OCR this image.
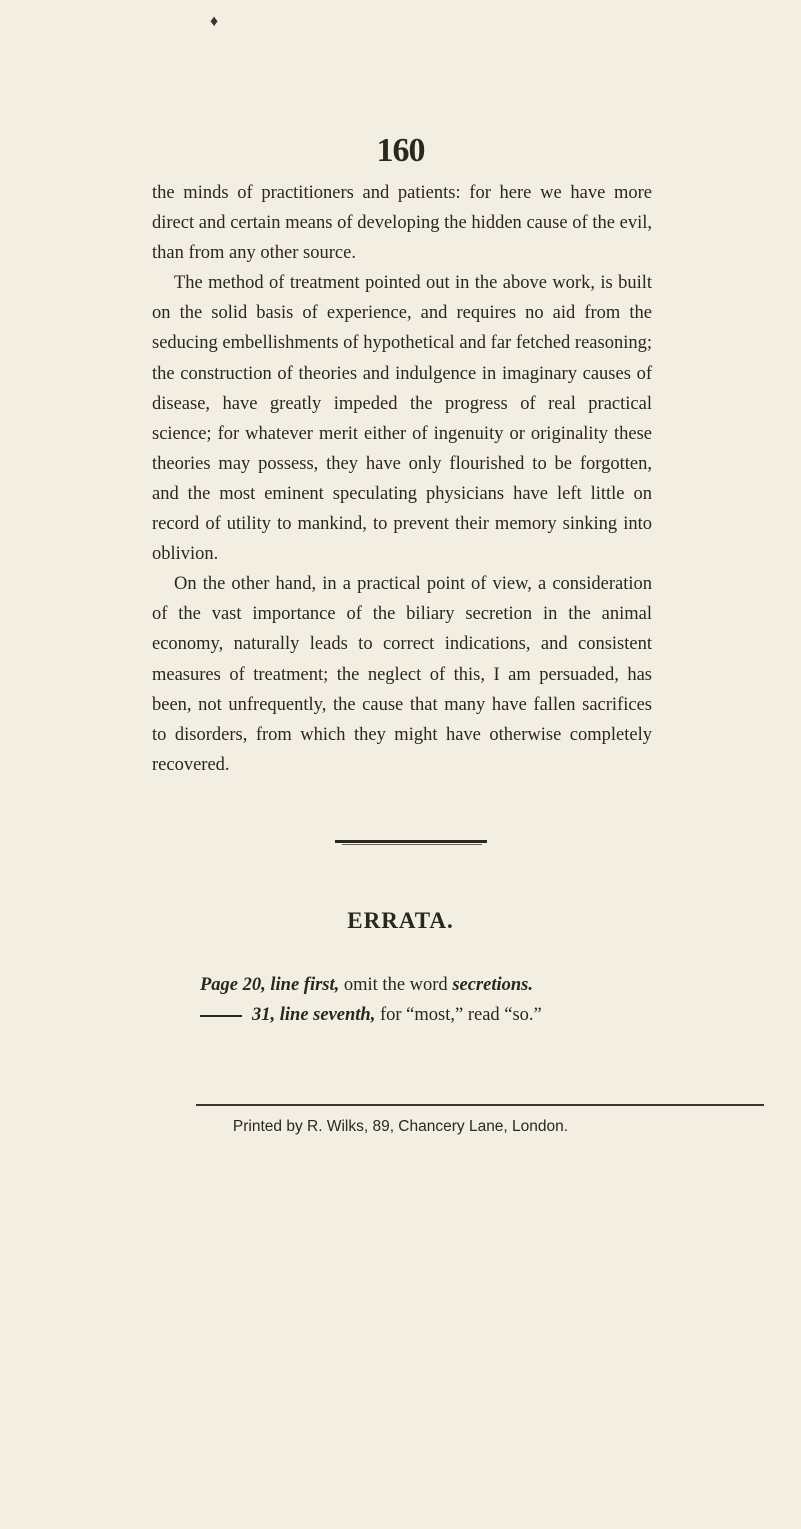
♦
160

the minds of practitioners and patients: for here we have more direct and certain means of developing the hidden cause of the evil, than from any other source.

The method of treatment pointed out in the above work, is built on the solid basis of experience, and requires no aid from the seducing embellishments of hypothetical and far fetched reasoning; the construction of theories and indulgence in imaginary causes of disease, have greatly impeded the progress of real practical science; for whatever merit either of ingenuity or originality these theories may possess, they have only flourished to be forgotten, and the most eminent speculating physicians have left little on record of utility to mankind, to prevent their memory sinking into oblivion.

On the other hand, in a practical point of view, a consideration of the vast importance of the biliary secretion in the animal economy, naturally leads to correct indications, and consistent measures of treatment; the neglect of this, I am persuaded, has been, not unfrequently, the cause that many have fallen sacrifices to disorders, from which they might have otherwise completely recovered.

ERRATA.
Page 20, line first, omit the word secretions.
31, line seventh, for “most,” read “so.”
Printed by R. Wilks, 89, Chancery Lane, London.
